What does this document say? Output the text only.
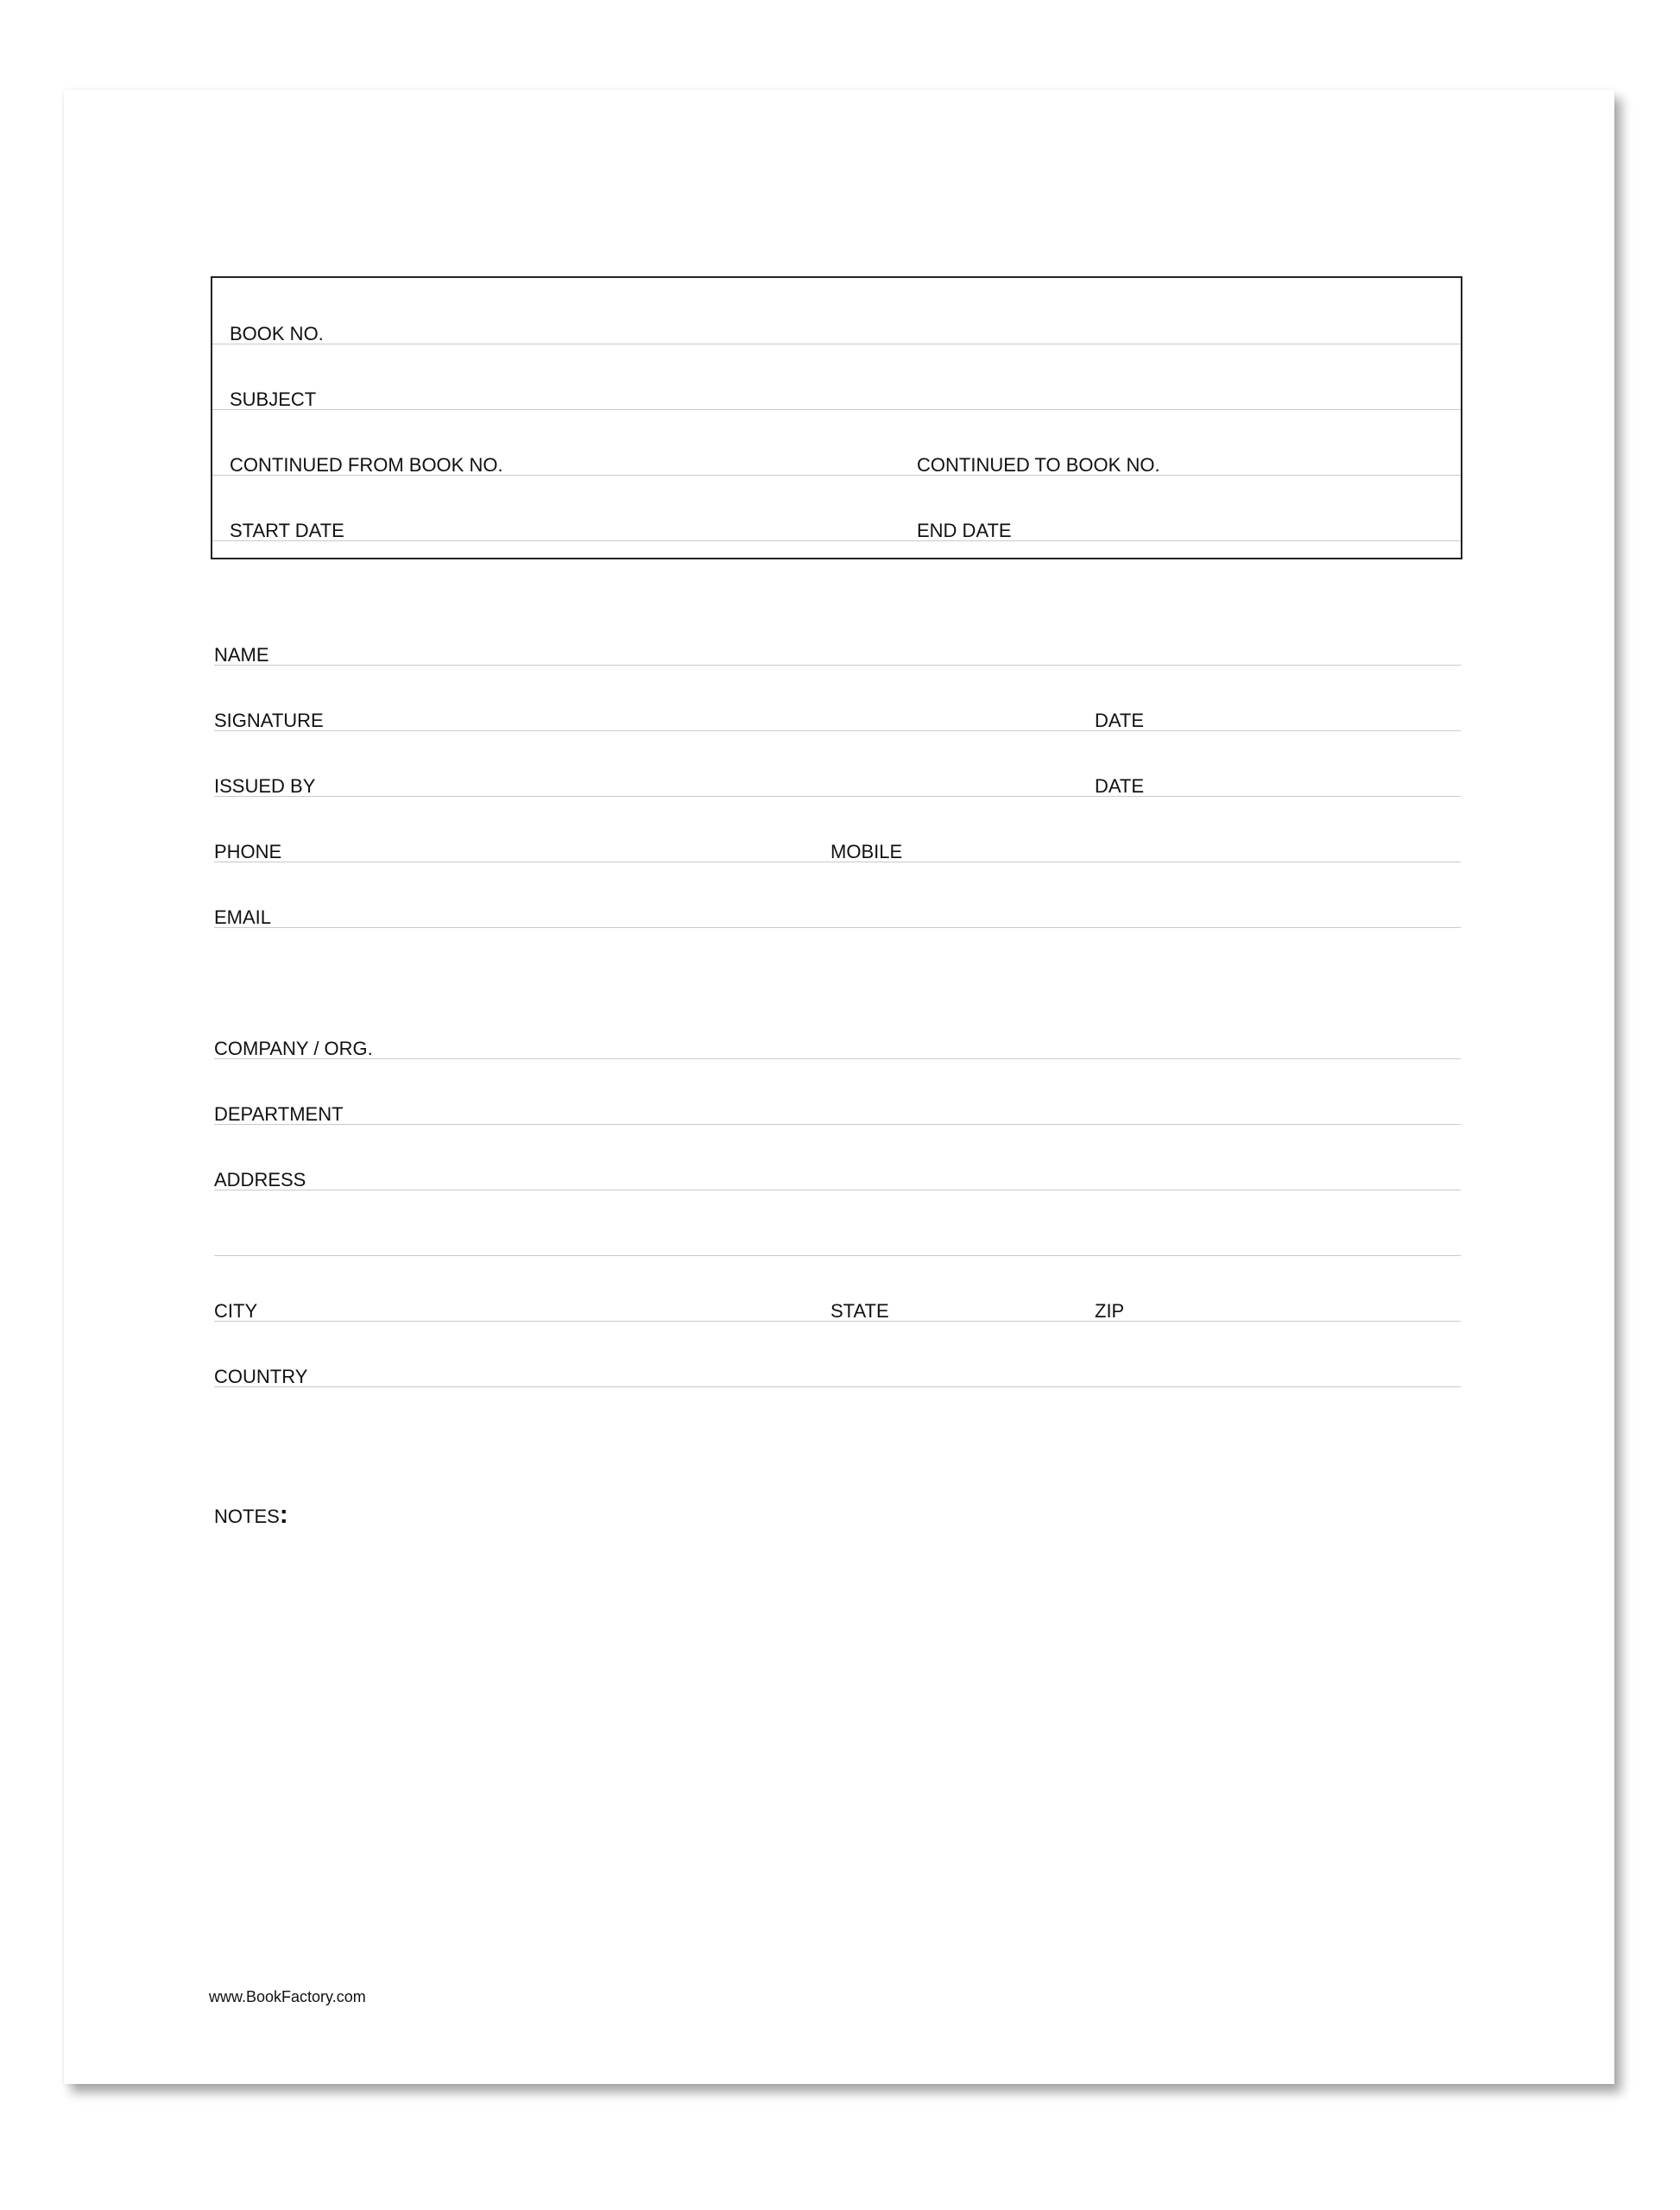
BOOK NO.
SUBJECT
CONTINUED FROM BOOK NO.	CONTINUED TO BOOK NO.
START DATE	END DATE
NAME
SIGNATURE	DATE
ISSUED BY	DATE
PHONE	MOBILE
EMAIL
COMPANY / ORG.
DEPARTMENT
ADDRESS
CITY	STATE	ZIP
COUNTRY
NOTES:
www.BookFactory.com
